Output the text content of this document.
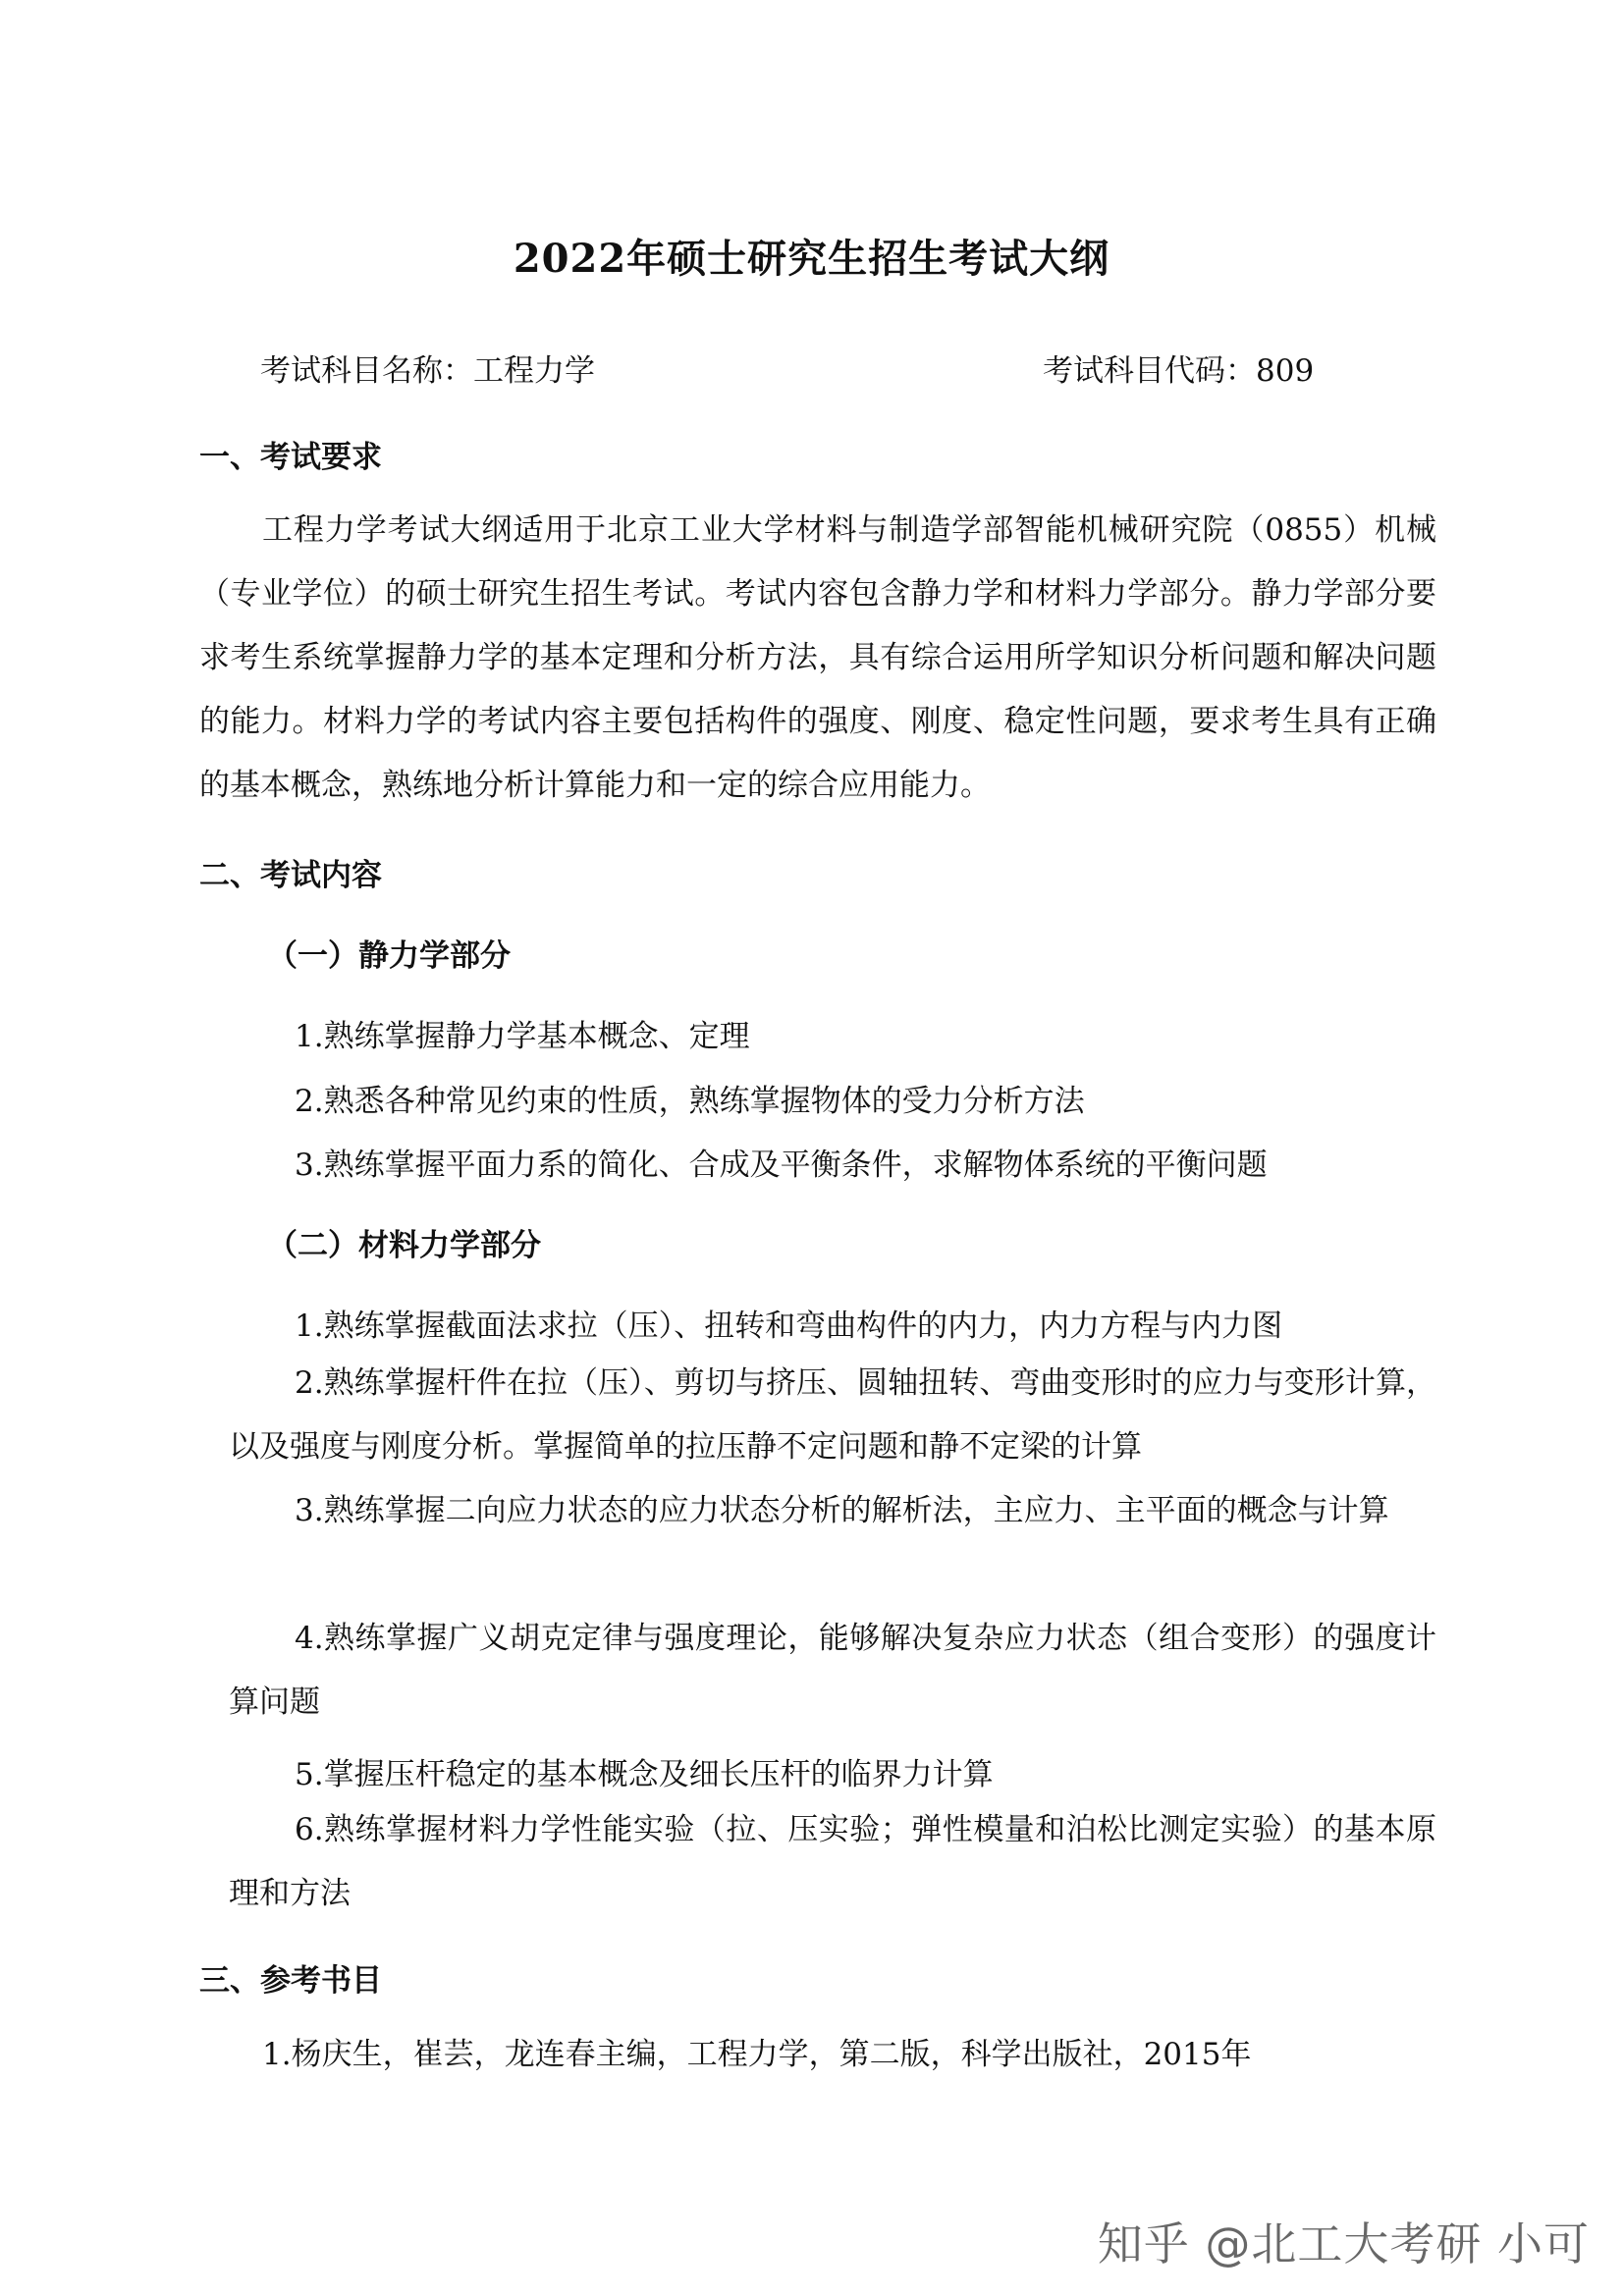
2022年硕士研究生招生考试大纲
考试科目名称：工程力学	考试科目代码：809
一、考试要求

工程力学考试大纲适用于北京工业大学材料与制造学部智能机械研究院（0855）机械（专业学位）的硕士研究生招生考试。考试内容包含静力学和材料力学部分。静力学部分要求考生系统掌握静力学的基本定理和分析方法，具有综合运用所学知识分析问题和解决问题的能力。材料力学的考试内容主要包括构件的强度、刚度、稳定性问题，要求考生具有正确的基本概念，熟练地分析计算能力和一定的综合应用能力。

二、考试内容
（一）静力学部分
1.熟练掌握静力学基本概念、定理
2.熟悉各种常见约束的性质，熟练掌握物体的受力分析方法
3.熟练掌握平面力系的简化、合成及平衡条件，求解物体系统的平衡问题
（二）材料力学部分
1.熟练掌握截面法求拉（压）、扭转和弯曲构件的内力，内力方程与内力图

2.熟练掌握杆件在拉（压）、剪切与挤压、圆轴扭转、弯曲变形时的应力与变形计算，以及强度与刚度分析。掌握简单的拉压静不定问题和静不定梁的计算

3.熟练掌握二向应力状态的应力状态分析的解析法，主应力、主平面的概念与计算

4.熟练掌握广义胡克定律与强度理论，能够解决复杂应力状态（组合变形）的强度计算问题

5.掌握压杆稳定的基本概念及细长压杆的临界力计算

6.熟练掌握材料力学性能实验（拉、压实验；弹性模量和泊松比测定实验）的基本原理和方法

三、参考书目
1.杨庆生，崔芸，龙连春主编，工程力学，第二版，科学出版社，2015年
知乎 @北工大考研 小可
